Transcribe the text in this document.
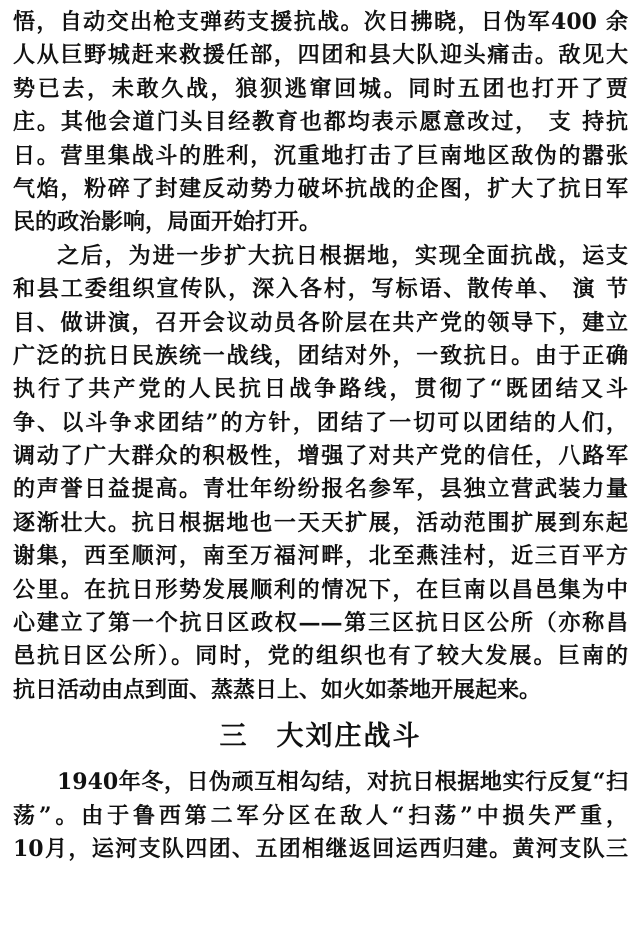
悟，自动交出枪支弹药支援抗战。次日拂晓，日伪军400 余
人从巨野城赶来救援任部，四团和县大队迎头痛击。敌见大
势已去，未敢久战，狼狈逃窜回城。同时五团也打开了贾
庄。其他会道门头目经教育也都均表示愿意改过， 支 持抗
日。营里集战斗的胜利，沉重地打击了巨南地区敌伪的嚣张
气焰，粉碎了封建反动势力破坏抗战的企图，扩大了抗日军
民的政治影响，局面开始打开。
之后，为进一步扩大抗日根据地，实现全面抗战，运支
和县工委组织宣传队，深入各村，写标语、散传单、 演 节
目、做讲演，召开会议动员各阶层在共产党的领导下，建立
广泛的抗日民族统一战线，团结对外，一致抗日。由于正确
执行了共产党的人民抗日战争路线，贯彻了“既团结又斗
争、以斗争求团结”的方针，团结了一切可以团结的人们，
调动了广大群众的积极性，增强了对共产党的信任，八路军
的声誉日益提高。青壮年纷纷报名参军，县独立营武装力量
逐渐壮大。抗日根据地也一天天扩展，活动范围扩展到东起
谢集，西至顺河，南至万福河畔，北至燕洼村，近三百平方
公里。在抗日形势发展顺利的情况下，在巨南以昌邑集为中
心建立了第一个抗日区政权——第三区抗日区公所（亦称昌
邑抗日区公所）。同时，党的组织也有了较大发展。巨南的
抗日活动由点到面、蒸蒸日上、如火如荼地开展起来。
三 大刘庄战斗
1940年冬，日伪顽互相勾结，对抗日根据地实行反复“扫
荡”。由于鲁西第二军分区在敌人“扫荡”中损失严重，
10月，运河支队四团、五团相继返回运西归建。黄河支队三
